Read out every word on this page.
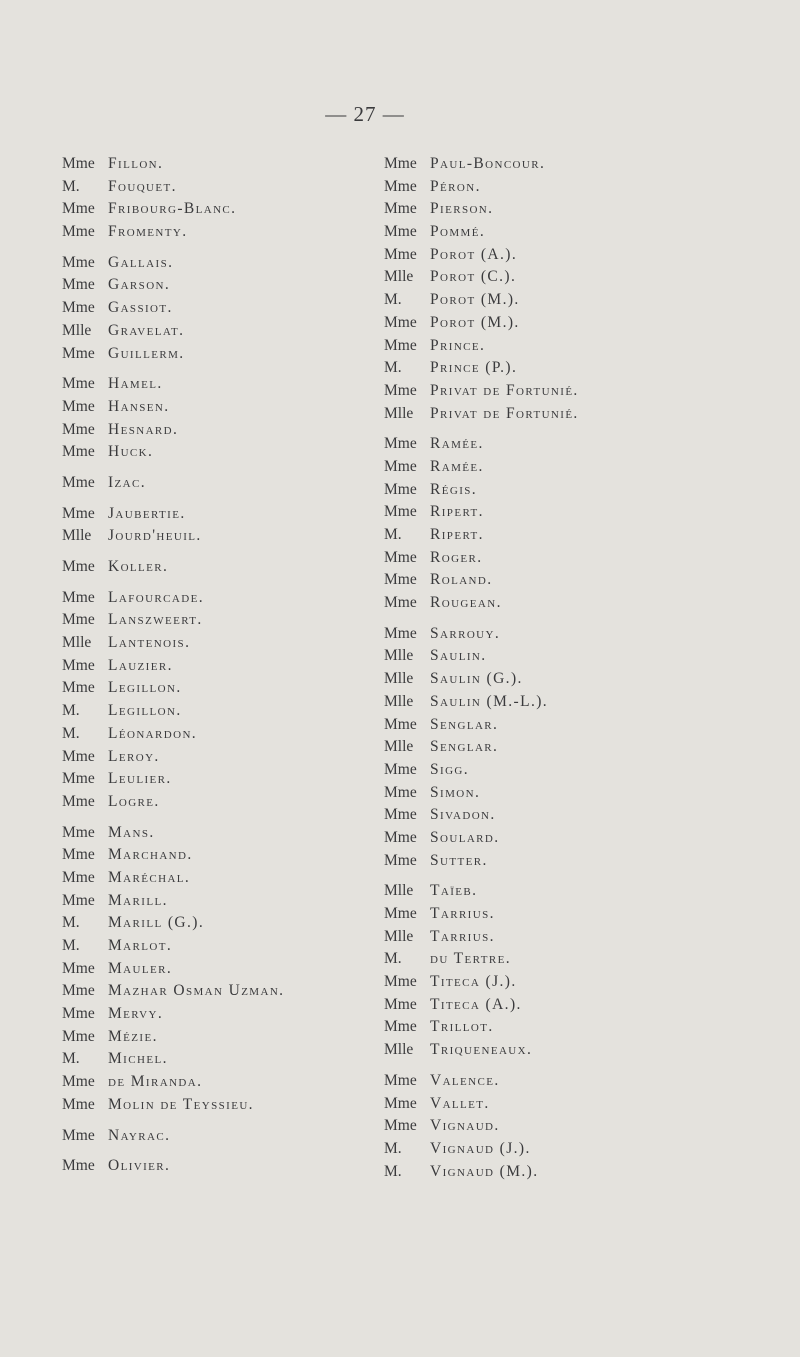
— 27 —
Mme Fillon.
M. Fouquet.
Mme Fribourg-Blanc.
Mme Fromenty.
Mme Gallais.
Mme Garson.
Mme Gassiot.
Mlle Gravelat.
Mme Guillerm.
Mme Hamel.
Mme Hansen.
Mme Hesnard.
Mme Huck.
Mme Izac.
Mme Jaubertie.
Mlle Jourd'heuil.
Mme Koller.
Mme Lafourcade.
Mme Lanszweert.
Mlle Lantenois.
Mme Lauzier.
Mme Legillon.
M. Legillon.
M. Léonardon.
Mme Leroy.
Mme Leulier.
Mme Logre.
Mme Mans.
Mme Marchand.
Mme Maréchal.
Mme Marill.
M. Marill (G.).
M. Marlot.
Mme Mauler.
Mme Mazhar Osman Uzman.
Mme Mervy.
Mme Mézie.
M. Michel.
Mme de Miranda.
Mme Molin de Teyssieu.
Mme Nayrac.
Mme Olivier.
Mme Paul-Boncour.
Mme Péron.
Mme Pierson.
Mme Pommé.
Mme Porot (A.).
Mlle Porot (C.).
M. Porot (M.).
Mme Porot (M.).
Mme Prince.
M. Prince (P.).
Mme Privat de Fortunié.
Mlle Privat de Fortunié.
Mme Ramée.
Mme Ramée.
Mme Régis.
Mme Ripert.
M. Ripert.
Mme Roger.
Mme Roland.
Mme Rougean.
Mme Sarrouy.
Mlle Saulin.
Mlle Saulin (G.).
Mlle Saulin (M.-L.).
Mme Senglar.
Mlle Senglar.
Mme Sigg.
Mme Simon.
Mme Sivadon.
Mme Soulard.
Mme Sutter.
Mlle Taïeb.
Mme Tarrius.
Mlle Tarrius.
M. du Tertre.
Mme Titeca (J.).
Mme Titeca (A.).
Mme Trillot.
Mlle Triqueneaux.
Mme Valence.
Mme Vallet.
Mme Vignaud.
M. Vignaud (J.).
M. Vignaud (M.).
